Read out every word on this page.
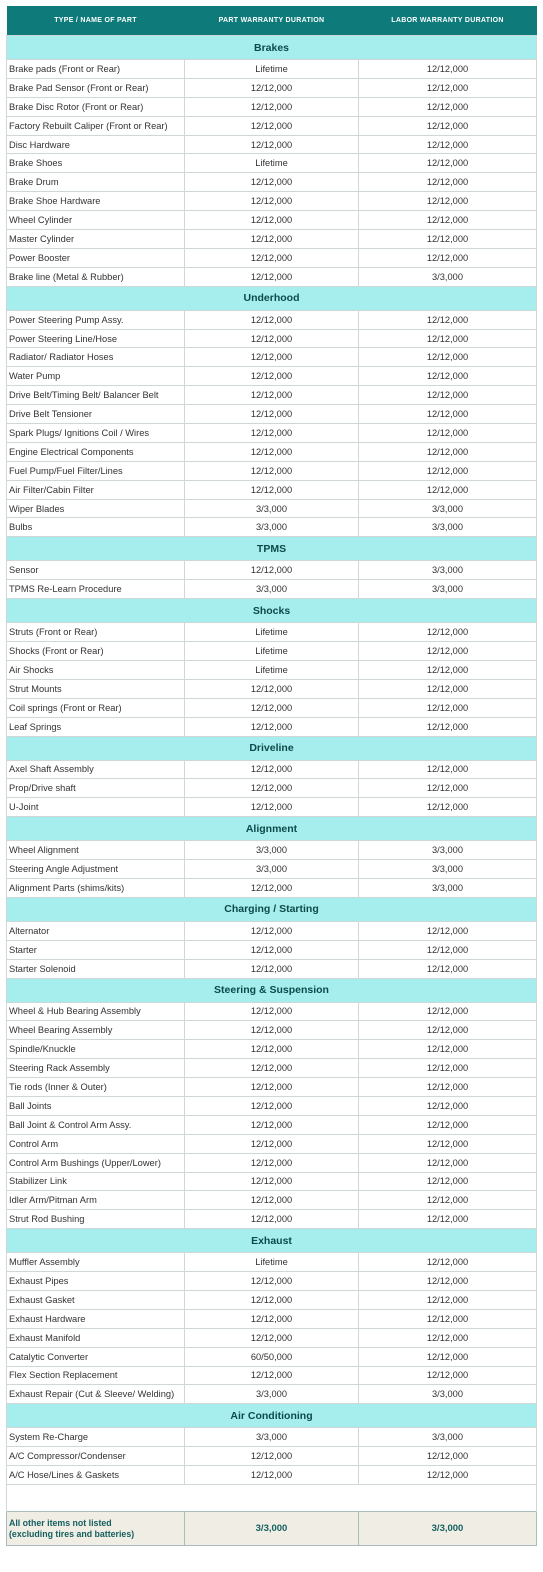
TYPE / NAME OF PART	PART WARRANTY DURATION	LABOR WARRANTY DURATION
Brakes		
Brake pads (Front or Rear)	Lifetime	12/12,000
Brake Pad Sensor (Front or Rear)	12/12,000	12/12,000
Brake Disc Rotor (Front or Rear)	12/12,000	12/12,000
Factory Rebuilt Caliper (Front or Rear)	12/12,000	12/12,000
Disc Hardware	12/12,000	12/12,000
Brake Shoes	Lifetime	12/12,000
Brake Drum	12/12,000	12/12,000
Brake Shoe Hardware	12/12,000	12/12,000
Wheel Cylinder	12/12,000	12/12,000
Master Cylinder	12/12,000	12/12,000
Power Booster	12/12,000	12/12,000
Brake line (Metal & Rubber)	12/12,000	3/3,000
Underhood		
Power Steering Pump Assy.	12/12,000	12/12,000
Power Steering Line/Hose	12/12,000	12/12,000
Radiator/ Radiator Hoses	12/12,000	12/12,000
Water Pump	12/12,000	12/12,000
Drive Belt/Timing Belt/ Balancer Belt	12/12,000	12/12,000
Drive Belt Tensioner	12/12,000	12/12,000
Spark Plugs/ Ignitions Coil / Wires	12/12,000	12/12,000
Engine Electrical Components	12/12,000	12/12,000
Fuel Pump/Fuel Filter/Lines	12/12,000	12/12,000
Air Filter/Cabin Filter	12/12,000	12/12,000
Wiper Blades	3/3,000	3/3,000
Bulbs	3/3,000	3/3,000
TPMS		
Sensor	12/12,000	3/3,000
TPMS Re-Learn Procedure	3/3,000	3/3,000
Shocks		
Struts (Front or Rear)	Lifetime	12/12,000
Shocks (Front or Rear)	Lifetime	12/12,000
Air Shocks	Lifetime	12/12,000
Strut Mounts	12/12,000	12/12,000
Coil springs (Front or Rear)	12/12,000	12/12,000
Leaf Springs	12/12,000	12/12,000
Driveline		
Axel Shaft Assembly	12/12,000	12/12,000
Prop/Drive shaft	12/12,000	12/12,000
U-Joint	12/12,000	12/12,000
Alignment		
Wheel Alignment	3/3,000	3/3,000
Steering Angle Adjustment	3/3,000	3/3,000
Alignment Parts (shims/kits)	12/12,000	3/3,000
Charging / Starting		
Alternator	12/12,000	12/12,000
Starter	12/12,000	12/12,000
Starter Solenoid	12/12,000	12/12,000
Steering & Suspension		
Wheel & Hub Bearing Assembly	12/12,000	12/12,000
Wheel Bearing Assembly	12/12,000	12/12,000
Spindle/Knuckle	12/12,000	12/12,000
Steering Rack Assembly	12/12,000	12/12,000
Tie rods (Inner & Outer)	12/12,000	12/12,000
Ball Joints	12/12,000	12/12,000
Ball Joint & Control Arm Assy.	12/12,000	12/12,000
Control Arm	12/12,000	12/12,000
Control Arm Bushings (Upper/Lower)	12/12,000	12/12,000
Stabilizer Link	12/12,000	12/12,000
Idler Arm/Pitman Arm	12/12,000	12/12,000
Strut Rod Bushing	12/12,000	12/12,000
Exhaust		
Muffler Assembly	Lifetime	12/12,000
Exhaust Pipes	12/12,000	12/12,000
Exhaust Gasket	12/12,000	12/12,000
Exhaust Hardware	12/12,000	12/12,000
Exhaust Manifold	12/12,000	12/12,000
Catalytic Converter	60/50,000	12/12,000
Flex Section Replacement	12/12,000	12/12,000
Exhaust Repair (Cut & Sleeve/ Welding)	3/3,000	3/3,000
Air Conditioning		
System Re-Charge	3/3,000	3/3,000
A/C Compressor/Condenser	12/12,000	12/12,000
A/C Hose/Lines & Gaskets	12/12,000	12/12,000

All other items not listed
(excluding tires and batteries)	3/3,000	3/3,000
